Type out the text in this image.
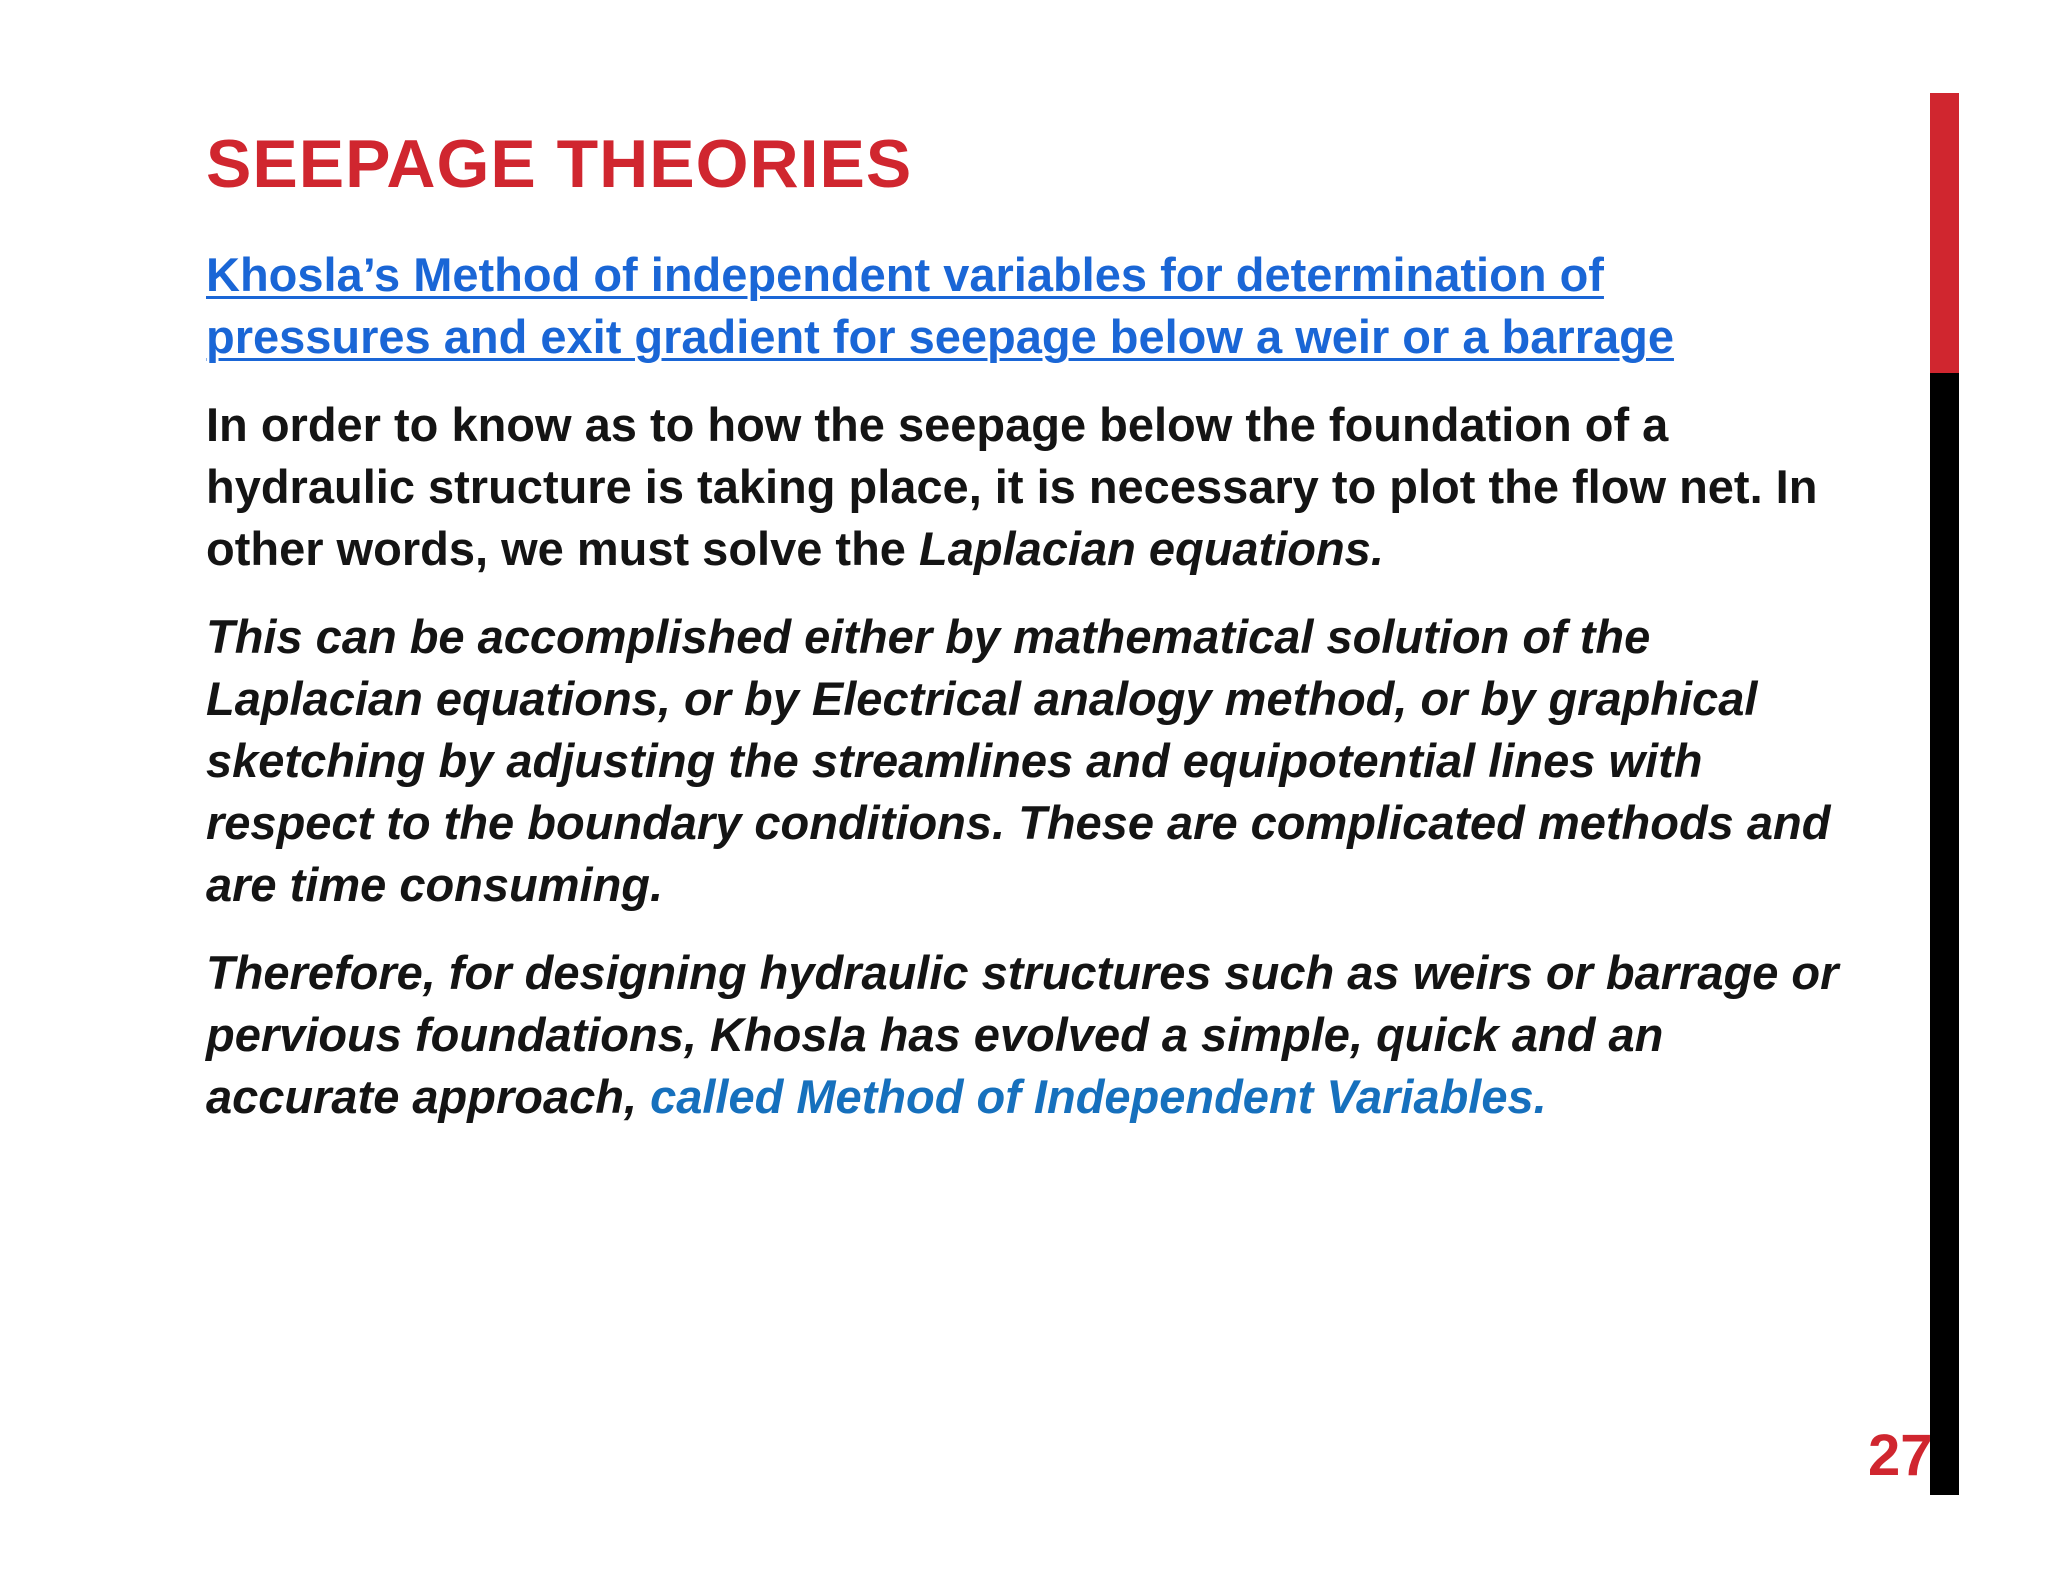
SEEPAGE THEORIES

Khosla’s Method of independent variables for determination of
pressures and exit gradient for seepage below a weir or a barrage

In order to know as to how the seepage below the foundation of a hydraulic structure is taking place, it is necessary to plot the flow net. In other words, we must solve the Laplacian equations.

This can be accomplished either by mathematical solution of the Laplacian equations, or by Electrical analogy method, or by graphical sketching by adjusting the streamlines and equipotential lines with respect to the boundary conditions. These are complicated methods and are time consuming.

Therefore, for designing hydraulic structures such as weirs or barrage or pervious foundations, Khosla has evolved a simple, quick and an accurate approach, called Method of Independent Variables.

27
